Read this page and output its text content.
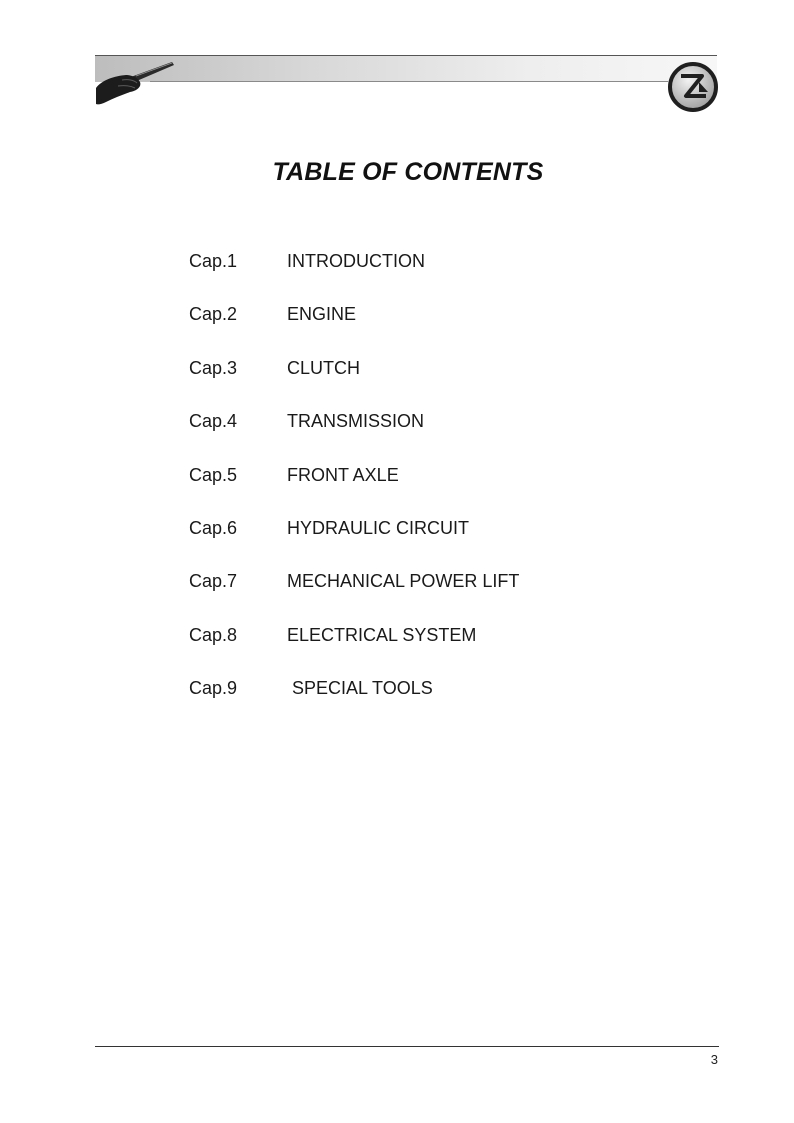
TABLE OF CONTENTS
Cap.1	INTRODUCTION
Cap.2	ENGINE
Cap.3	CLUTCH
Cap.4	TRANSMISSION
Cap.5	FRONT AXLE
Cap.6	HYDRAULIC CIRCUIT
Cap.7	MECHANICAL POWER LIFT
Cap.8	ELECTRICAL SYSTEM
Cap.9	SPECIAL TOOLS
3
